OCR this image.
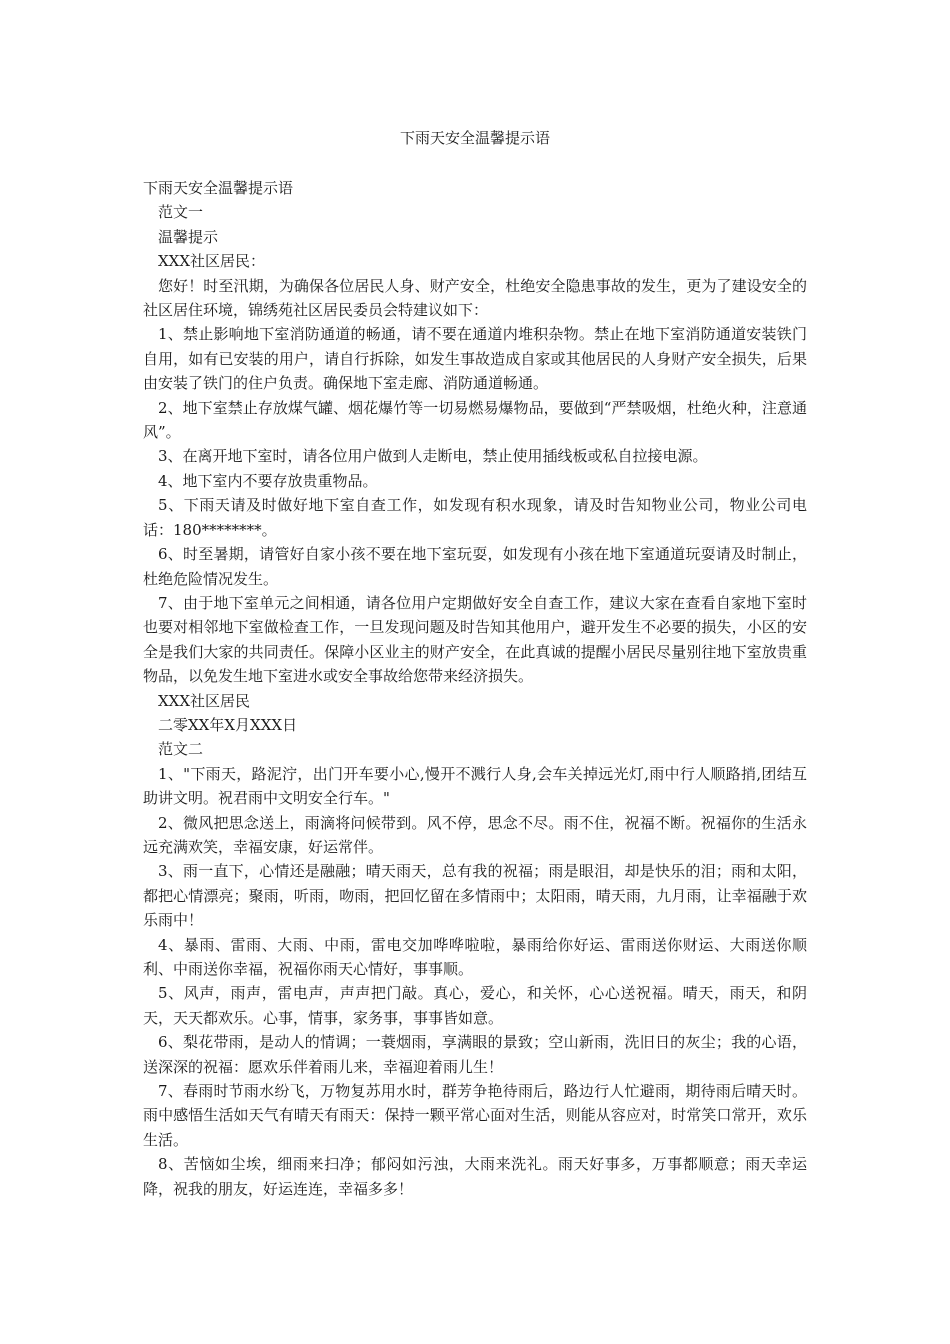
下雨天安全温馨提示语

下雨天安全温馨提示语

范文一

温馨提示

XXX社区居民：

您好！时至汛期，为确保各位居民人身、财产安全，杜绝安全隐患事故的发生，更为了建设安全的社区居住环境，锦绣苑社区居民委员会特建议如下：

1、禁止影响地下室消防通道的畅通，请不要在通道内堆积杂物。禁止在地下室消防通道安装铁门自用，如有已安装的用户，请自行拆除，如发生事故造成自家或其他居民的人身财产安全损失，后果由安装了铁门的住户负责。确保地下室走廊、消防通道畅通。

2、地下室禁止存放煤气罐、烟花爆竹等一切易燃易爆物品，要做到“严禁吸烟，杜绝火种，注意通风”。

3、在离开地下室时，请各位用户做到人走断电，禁止使用插线板或私自拉接电源。

4、地下室内不要存放贵重物品。

5、下雨天请及时做好地下室自查工作，如发现有积水现象，请及时告知物业公司，物业公司电话：180********。

6、时至暑期，请管好自家小孩不要在地下室玩耍，如发现有小孩在地下室通道玩耍请及时制止，杜绝危险情况发生。

7、由于地下室单元之间相通，请各位用户定期做好安全自查工作，建议大家在查看自家地下室时也要对相邻地下室做检查工作，一旦发现问题及时告知其他用户，避开发生不必要的损失，小区的安全是我们大家的共同责任。保障小区业主的财产安全，在此真诚的提醒小居民尽量别往地下室放贵重物品，以免发生地下室进水或安全事故给您带来经济损失。

XXX社区居民

二零XX年X月XXX日

范文二

1、"下雨天，路泥泞，出门开车要小心,慢开不溅行人身,会车关掉远光灯,雨中行人顺路捎,团结互助讲文明。祝君雨中文明安全行车。"

2、微风把思念送上，雨滴将问候带到。风不停，思念不尽。雨不住，祝福不断。祝福你的生活永远充满欢笑，幸福安康，好运常伴。

3、雨一直下，心情还是融融；晴天雨天，总有我的祝福；雨是眼泪，却是快乐的泪；雨和太阳，都把心情漂亮；聚雨，听雨，吻雨，把回忆留在多情雨中；太阳雨，晴天雨，九月雨，让幸福融于欢乐雨中！

4、暴雨、雷雨、大雨、中雨，雷电交加哗哗啦啦，暴雨给你好运、雷雨送你财运、大雨送你顺利、中雨送你幸福，祝福你雨天心情好，事事顺。

5、风声，雨声，雷电声，声声把门敲。真心，爱心，和关怀，心心送祝福。晴天，雨天，和阴天，天天都欢乐。心事，情事，家务事，事事皆如意。

6、梨花带雨，是动人的情调；一蓑烟雨，享满眼的景致；空山新雨，洗旧日的灰尘；我的心语，送深深的祝福：愿欢乐伴着雨儿来，幸福迎着雨儿生！

7、春雨时节雨水纷飞，万物复苏用水时，群芳争艳待雨后，路边行人忙避雨，期待雨后晴天时。雨中感悟生活如天气有晴天有雨天：保持一颗平常心面对生活，则能从容应对，时常笑口常开，欢乐生活。

8、苦恼如尘埃，细雨来扫净；郁闷如污浊，大雨来洗礼。雨天好事多，万事都顺意；雨天幸运降，祝我的朋友，好运连连，幸福多多！
